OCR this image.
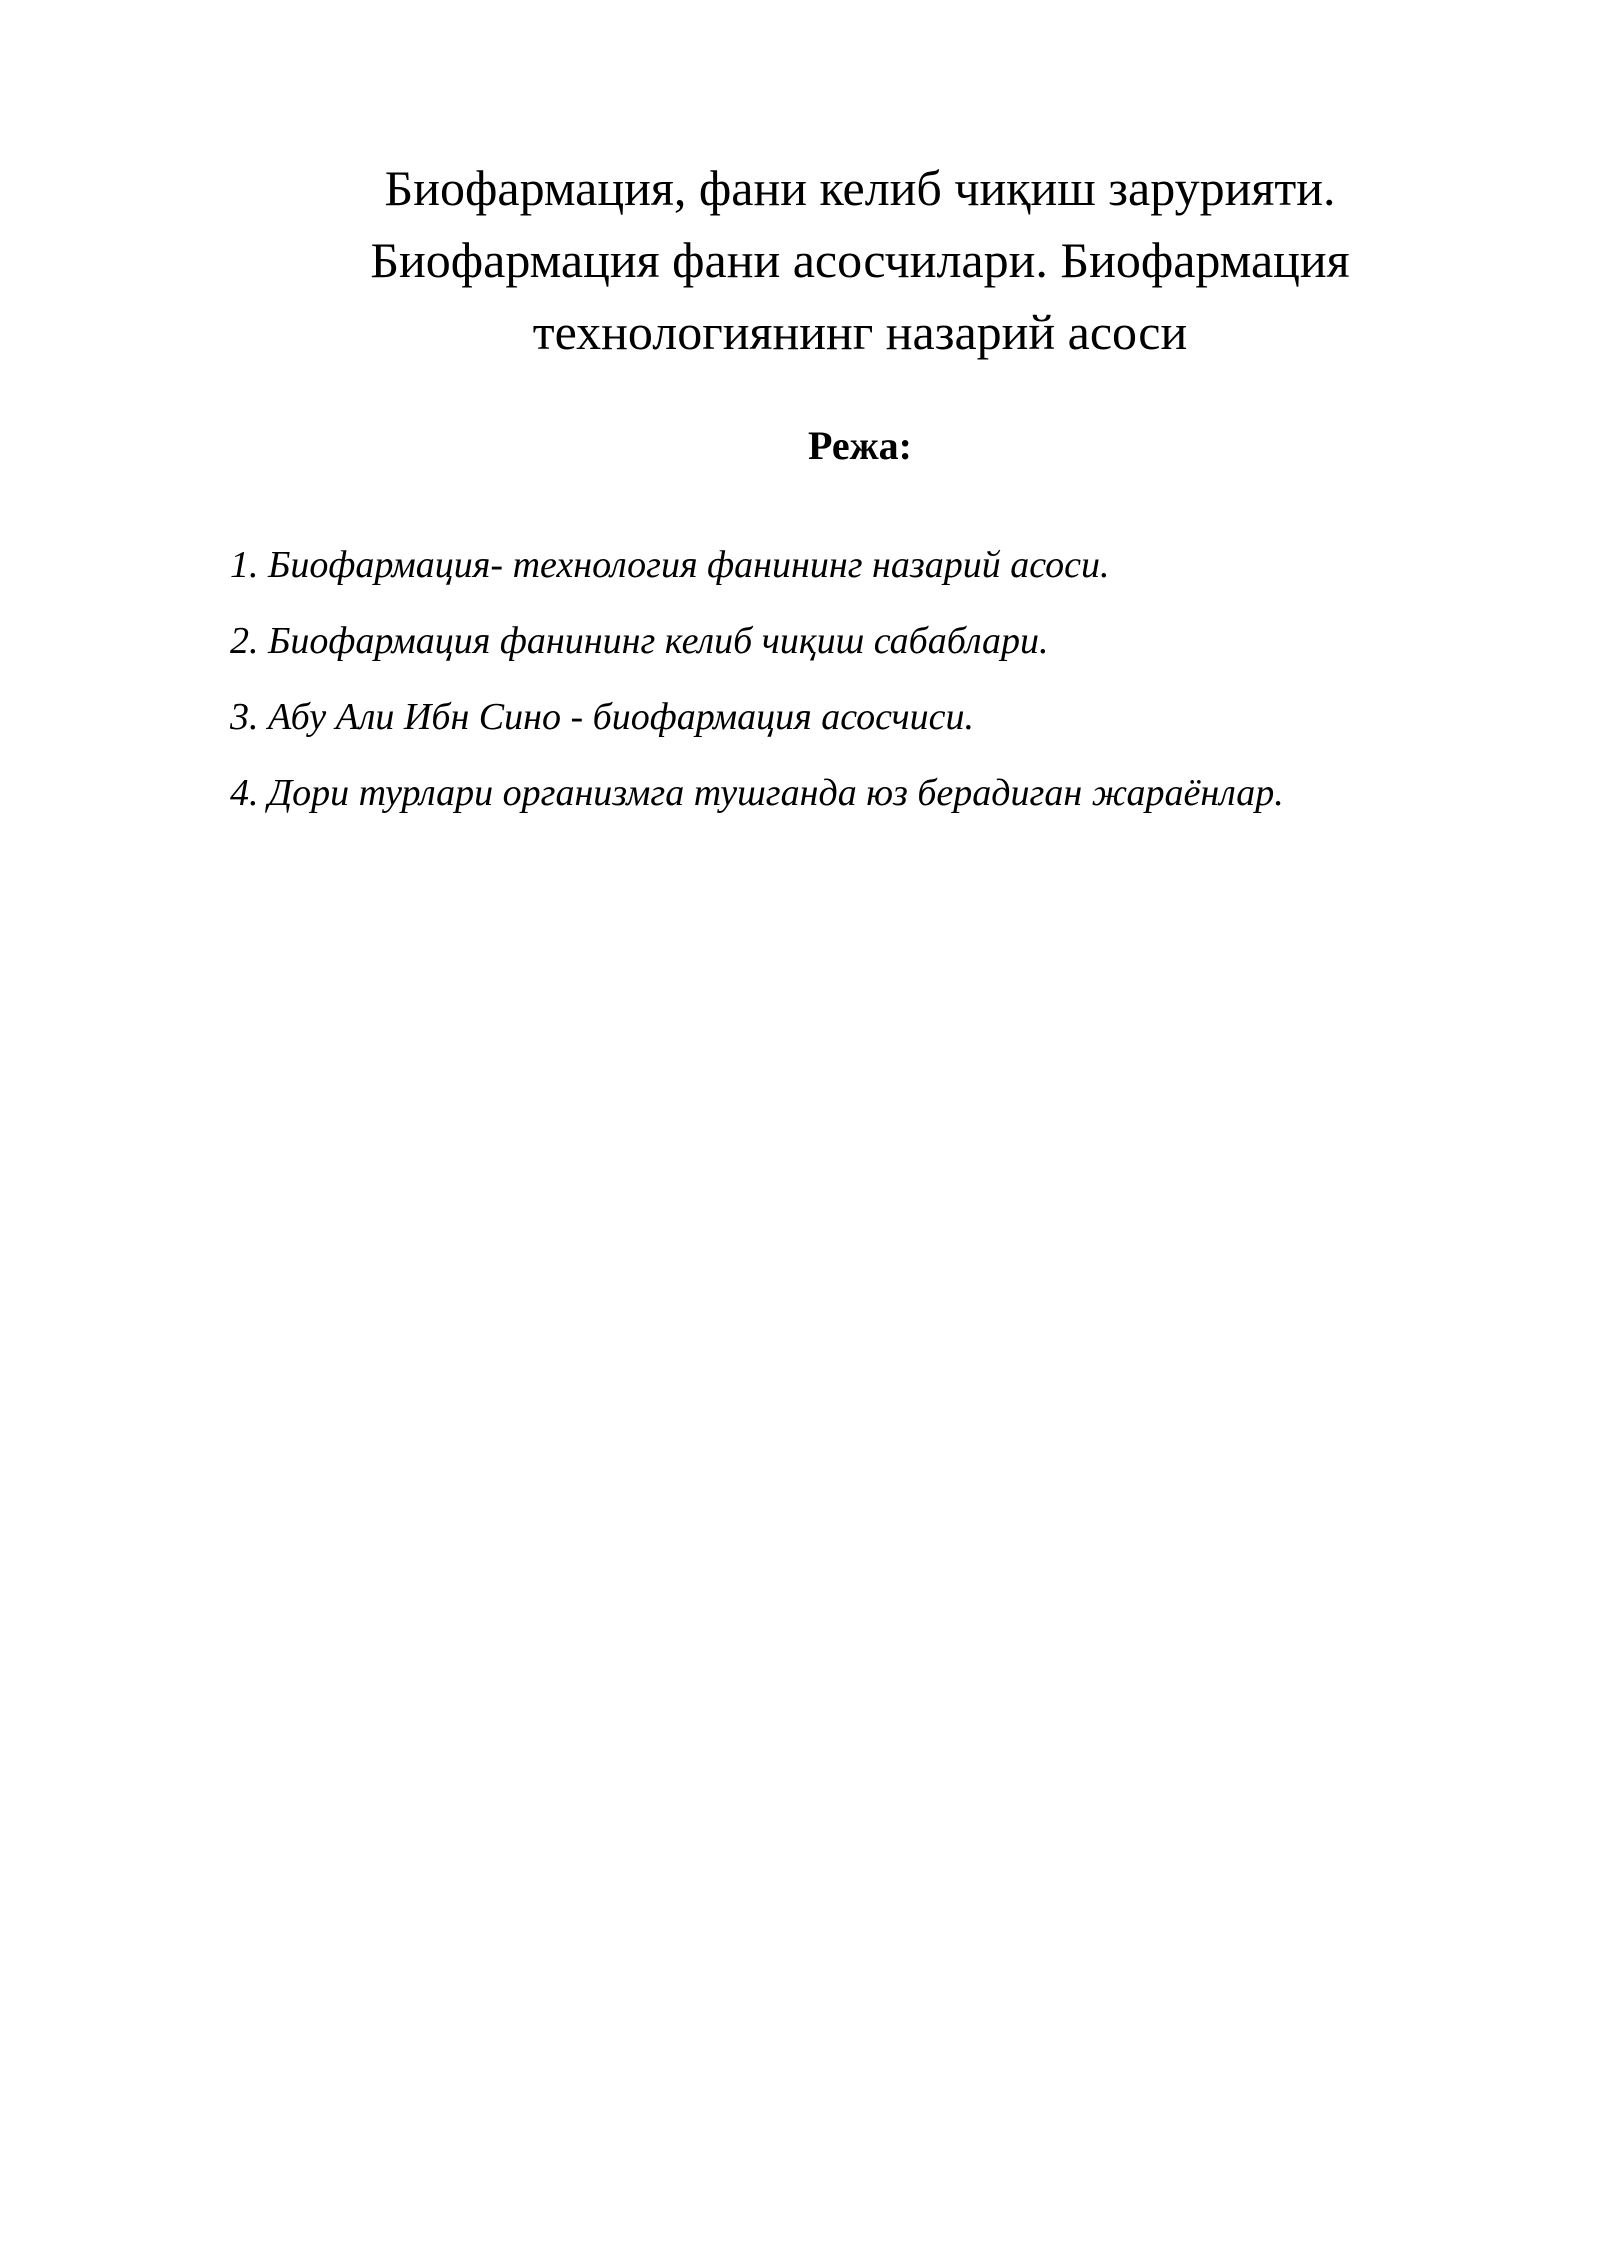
Биофармация, фани келиб чиқиш зарурияти.
Биофармация фани асосчилари. Биофармация
технологиянинг назарий асоси
Режа:
1. Биофармация- технология фанининг назарий асоси.
2. Биофармация фанининг келиб чиқиш сабаблари.
3. Абу Али Ибн Сино - биофармация асосчиси.
4. Дори турлари организмга тушганда юз берадиган жараёнлар.
